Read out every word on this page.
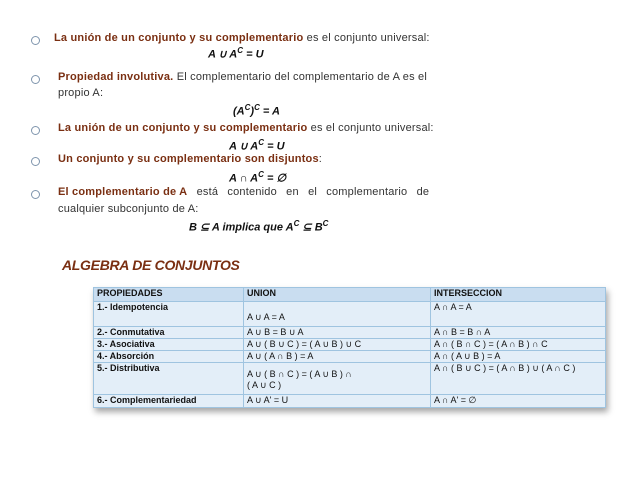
La unión de un conjunto y su complementario es el conjunto universal:
A ∪ $A^C = U$
Propiedad involutiva. El complementario del complementario de A es el
propio A:
$(A^C)^C = A$
La unión de un conjunto y su complementario es el conjunto universal:
A ∪ $A^C = U$
Un conjunto y su complementario son disjuntos:
A ∩ $A^C$ = ∅
El complementario de A está contenido en el complementario de
cualquier subconjunto de A:
B ⊆ A implica que $A^C$ ⊆ $B^C$
ALGEBRA DE CONJUNTOS
PROPIEDADES	UNION	INTERSECCION
1.- Idempotencia	A ∪ A = A	A ∩ A = A
2.- Conmutativa	A ∪ B = B ∪ A	A ∩ B = B ∩ A
3.- Asociativa	A ∪ ( B ∪ C ) = ( A ∪ B ) ∪ C	A ∩ ( B ∩ C ) = ( A ∩ B ) ∩ C
4.- Absorción	A ∪ ( A ∩ B ) = A	A ∩ ( A ∪ B ) = A
5.- Distributiva	A ∪ ( B ∩ C ) = ( A ∪ B ) ∩
( A ∪ C )	A ∩ ( B ∪ C ) = ( A ∩ B ) ∪ ( A ∩ C )
6.- Complementariedad	A ∪ A' = U	A ∩ A' = ∅
